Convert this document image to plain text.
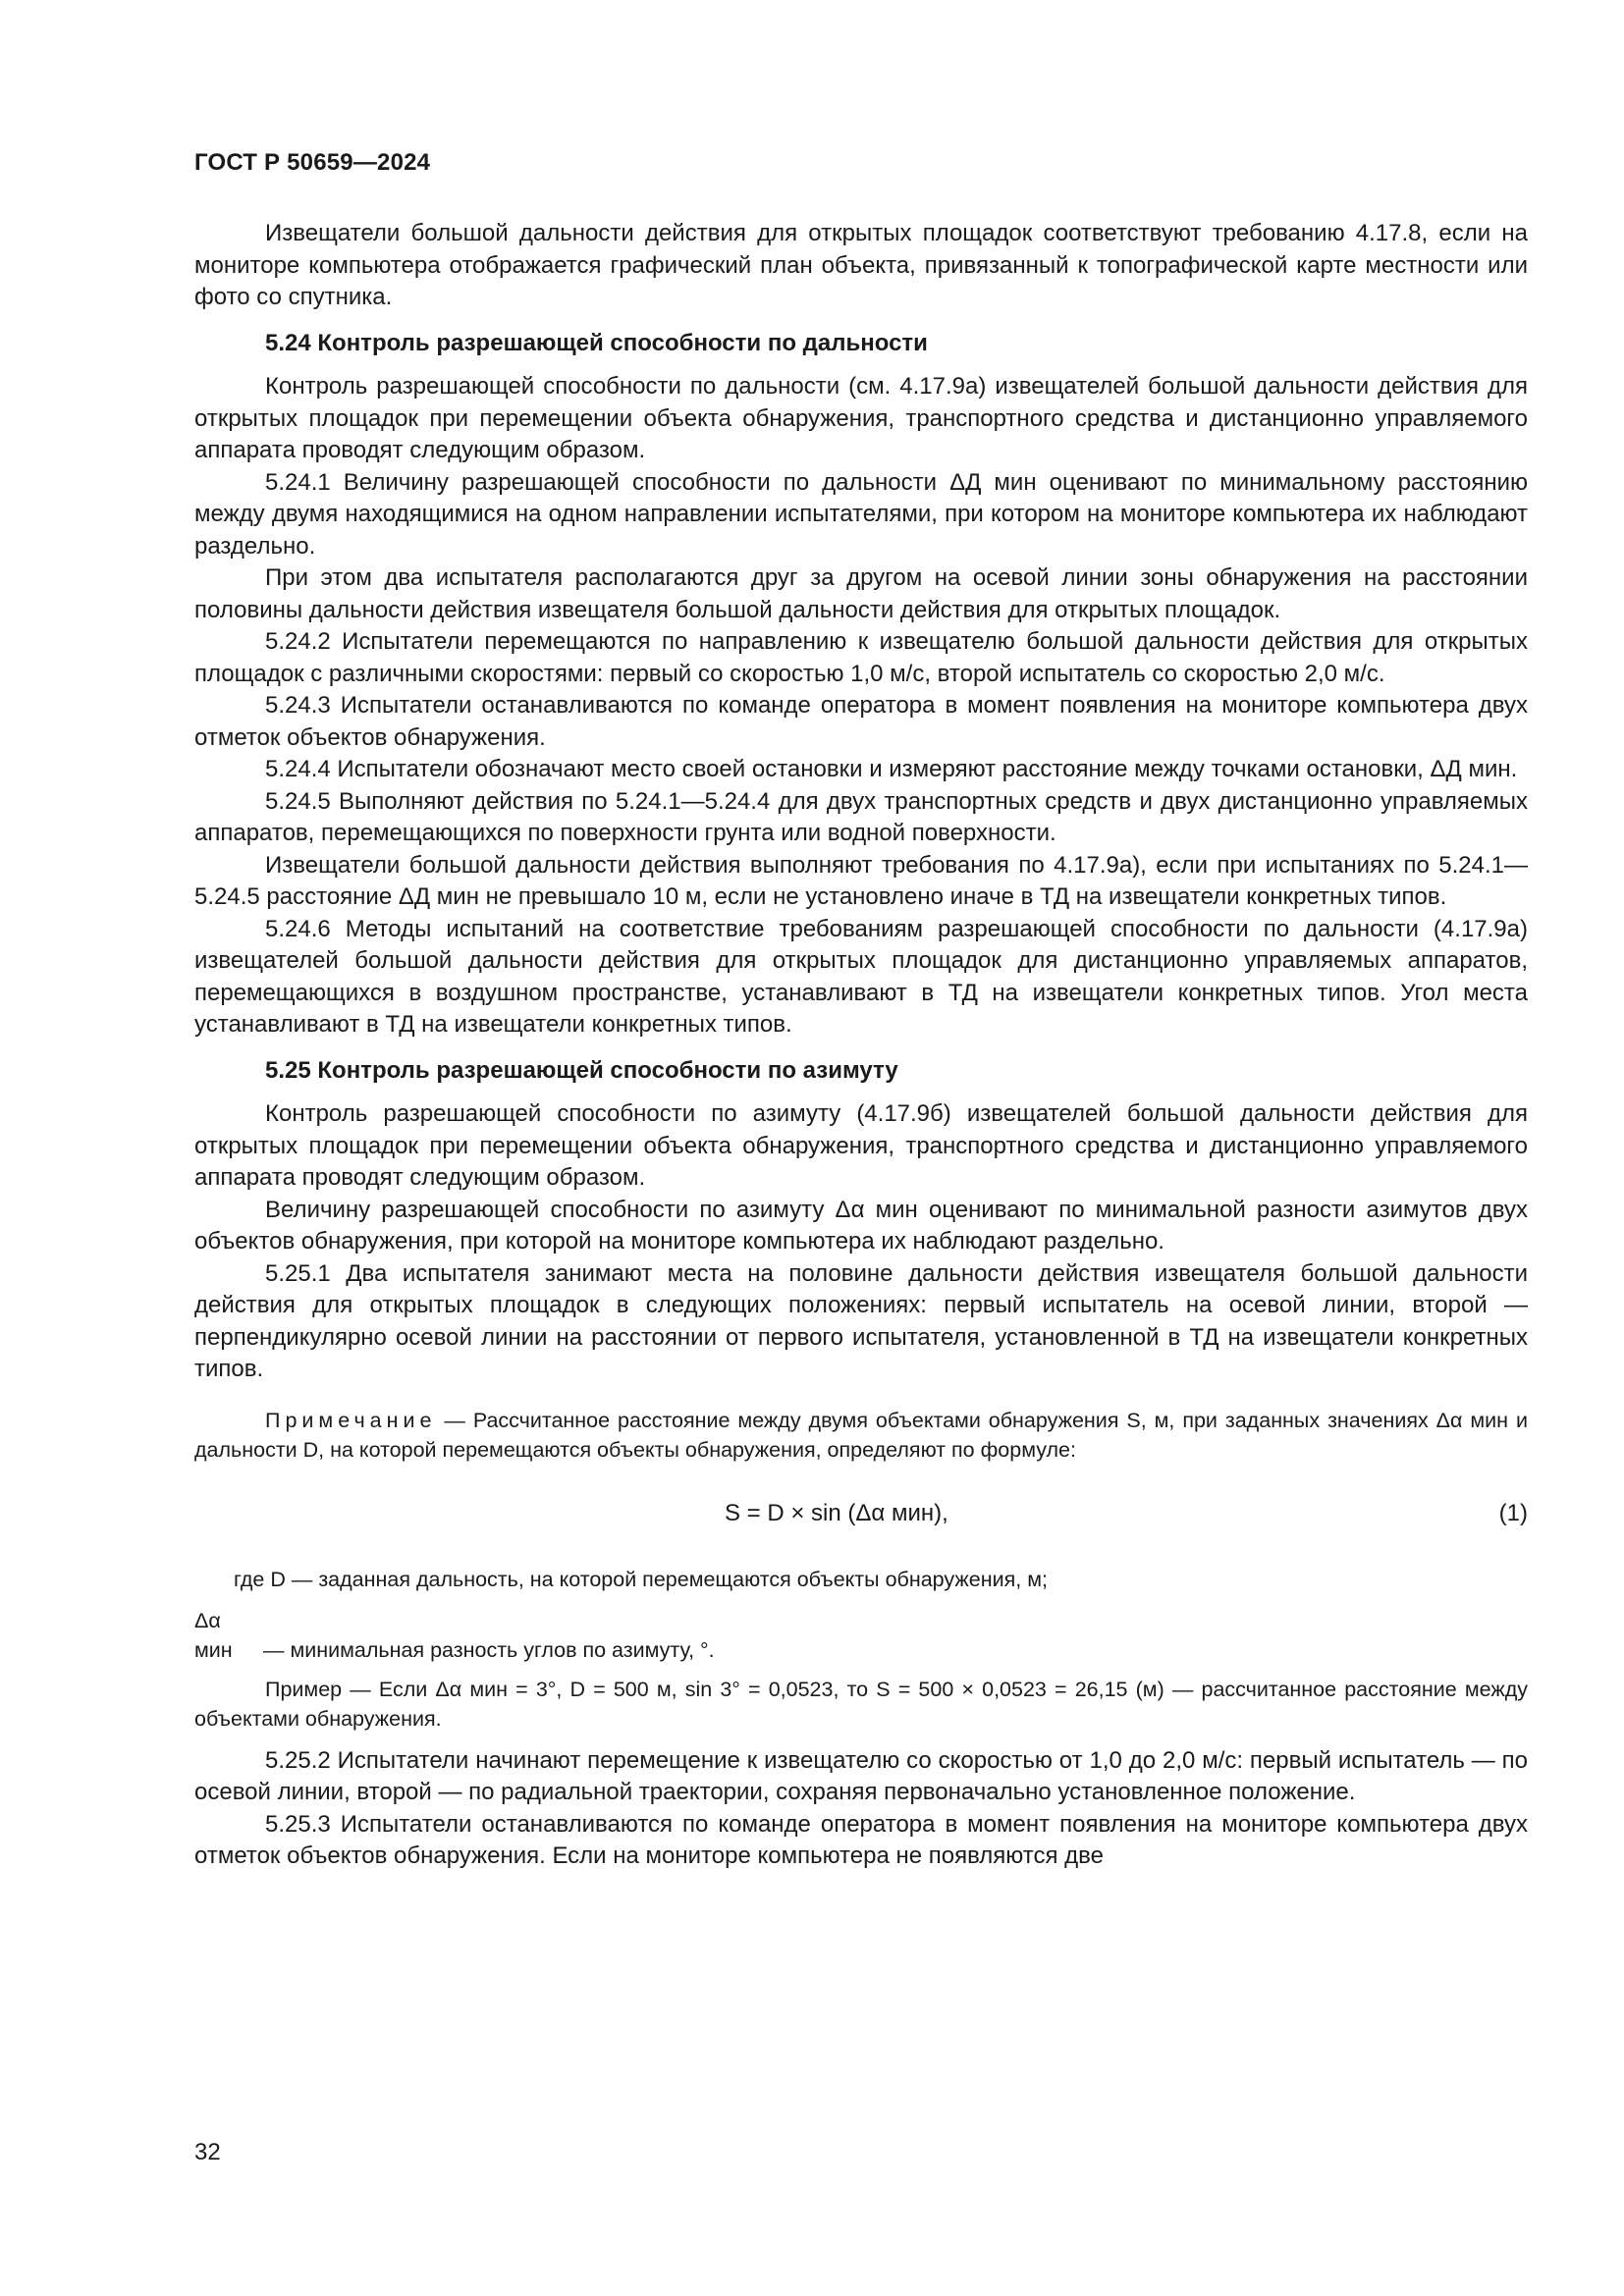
ГОСТ Р 50659—2024

Извещатели большой дальности действия для открытых площадок соответствуют требованию 4.17.8, если на мониторе компьютера отображается графический план объекта, привязанный к топографической карте местности или фото со спутника.

5.24 Контроль разрешающей способности по дальности

Контроль разрешающей способности по дальности (см. 4.17.9а) извещателей большой дальности действия для открытых площадок при перемещении объекта обнаружения, транспортного средства и дистанционно управляемого аппарата проводят следующим образом.

5.24.1 Величину разрешающей способности по дальности ΔД мин оценивают по минимальному расстоянию между двумя находящимися на одном направлении испытателями, при котором на мониторе компьютера их наблюдают раздельно.

При этом два испытателя располагаются друг за другом на осевой линии зоны обнаружения на расстоянии половины дальности действия извещателя большой дальности действия для открытых площадок.

5.24.2 Испытатели перемещаются по направлению к извещателю большой дальности действия для открытых площадок с различными скоростями: первый со скоростью 1,0 м/с, второй испытатель со скоростью 2,0 м/с.

5.24.3 Испытатели останавливаются по команде оператора в момент появления на мониторе компьютера двух отметок объектов обнаружения.

5.24.4 Испытатели обозначают место своей остановки и измеряют расстояние между точками остановки, ΔД мин.

5.24.5 Выполняют действия по 5.24.1—5.24.4 для двух транспортных средств и двух дистанционно управляемых аппаратов, перемещающихся по поверхности грунта или водной поверхности.

Извещатели большой дальности действия выполняют требования по 4.17.9а), если при испытаниях по 5.24.1—5.24.5 расстояние ΔД мин не превышало 10 м, если не установлено иначе в ТД на извещатели конкретных типов.

5.24.6 Методы испытаний на соответствие требованиям разрешающей способности по дальности (4.17.9а) извещателей большой дальности действия для открытых площадок для дистанционно управляемых аппаратов, перемещающихся в воздушном пространстве, устанавливают в ТД на извещатели конкретных типов. Угол места устанавливают в ТД на извещатели конкретных типов.

5.25 Контроль разрешающей способности по азимуту

Контроль разрешающей способности по азимуту (4.17.9б) извещателей большой дальности действия для открытых площадок при перемещении объекта обнаружения, транспортного средства и дистанционно управляемого аппарата проводят следующим образом.

Величину разрешающей способности по азимуту Δα мин оценивают по минимальной разности азимутов двух объектов обнаружения, при которой на мониторе компьютера их наблюдают раздельно.

5.25.1 Два испытателя занимают места на половине дальности действия извещателя большой дальности действия для открытых площадок в следующих положениях: первый испытатель на осевой линии, второй — перпендикулярно осевой линии на расстоянии от первого испытателя, установленной в ТД на извещатели конкретных типов.

Примечание — Рассчитанное расстояние между двумя объектами обнаружения S, м, при заданных значениях Δα мин и дальности D, на которой перемещаются объекты обнаружения, определяют по формуле:

S = D × sin (Δα мин),	(1)

где D — заданная дальность, на которой перемещаются объекты обнаружения, м;

Δα мин — минимальная разность углов по азимуту, °.

Пример — Если Δα мин = 3°, D = 500 м, sin 3° = 0,0523, то S = 500 × 0,0523 = 26,15 (м) — рассчитанное расстояние между объектами обнаружения.

5.25.2 Испытатели начинают перемещение к извещателю со скоростью от 1,0 до 2,0 м/с: первый испытатель — по осевой линии, второй — по радиальной траектории, сохраняя первоначально установленное положение.

5.25.3 Испытатели останавливаются по команде оператора в момент появления на мониторе компьютера двух отметок объектов обнаружения. Если на мониторе компьютера не появляются две

32
